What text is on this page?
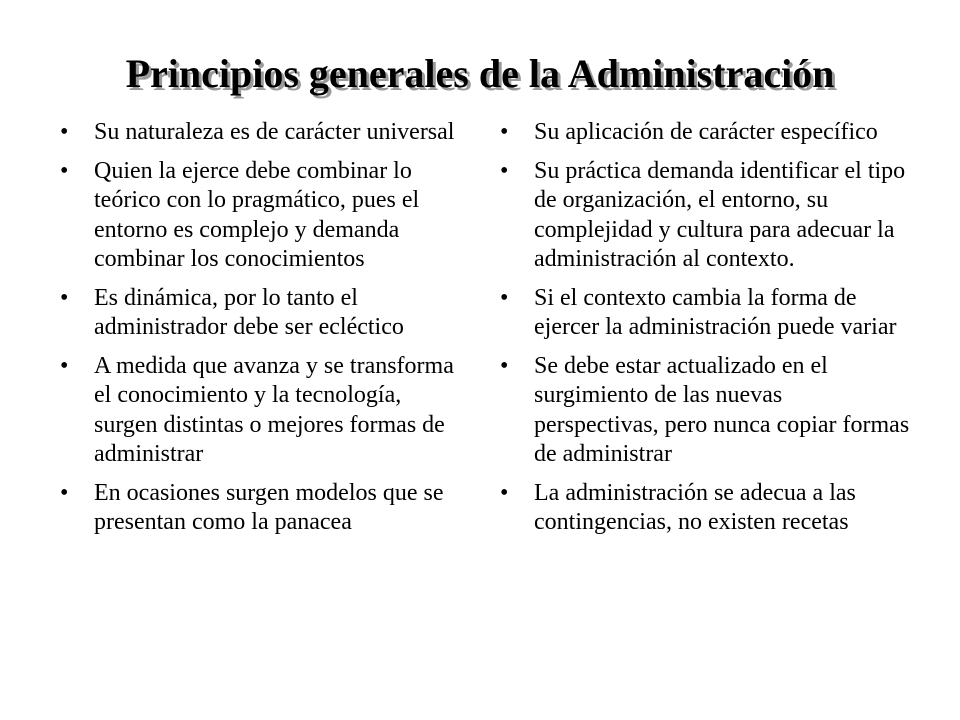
Principios generales de la Administración
•	Su naturaleza es de carácter universal
•	Quien la ejerce debe combinar lo teórico con lo pragmático, pues el entorno es complejo y demanda combinar los conocimientos
•	Es dinámica, por lo tanto el administrador debe ser ecléctico
•	A medida que avanza y se transforma el conocimiento y la tecnología, surgen distintas o mejores formas de administrar
•	En ocasiones surgen modelos que se presentan como la panacea
•	Su aplicación de carácter específico
•	Su práctica demanda identificar el tipo de organización, el entorno, su complejidad y cultura para adecuar la administración al contexto.
•	Si el contexto cambia la forma de ejercer la administración puede variar
•	Se debe estar actualizado en el surgimiento de las nuevas perspectivas, pero nunca copiar formas de administrar
•	La administración se adecua a las contingencias, no existen recetas
